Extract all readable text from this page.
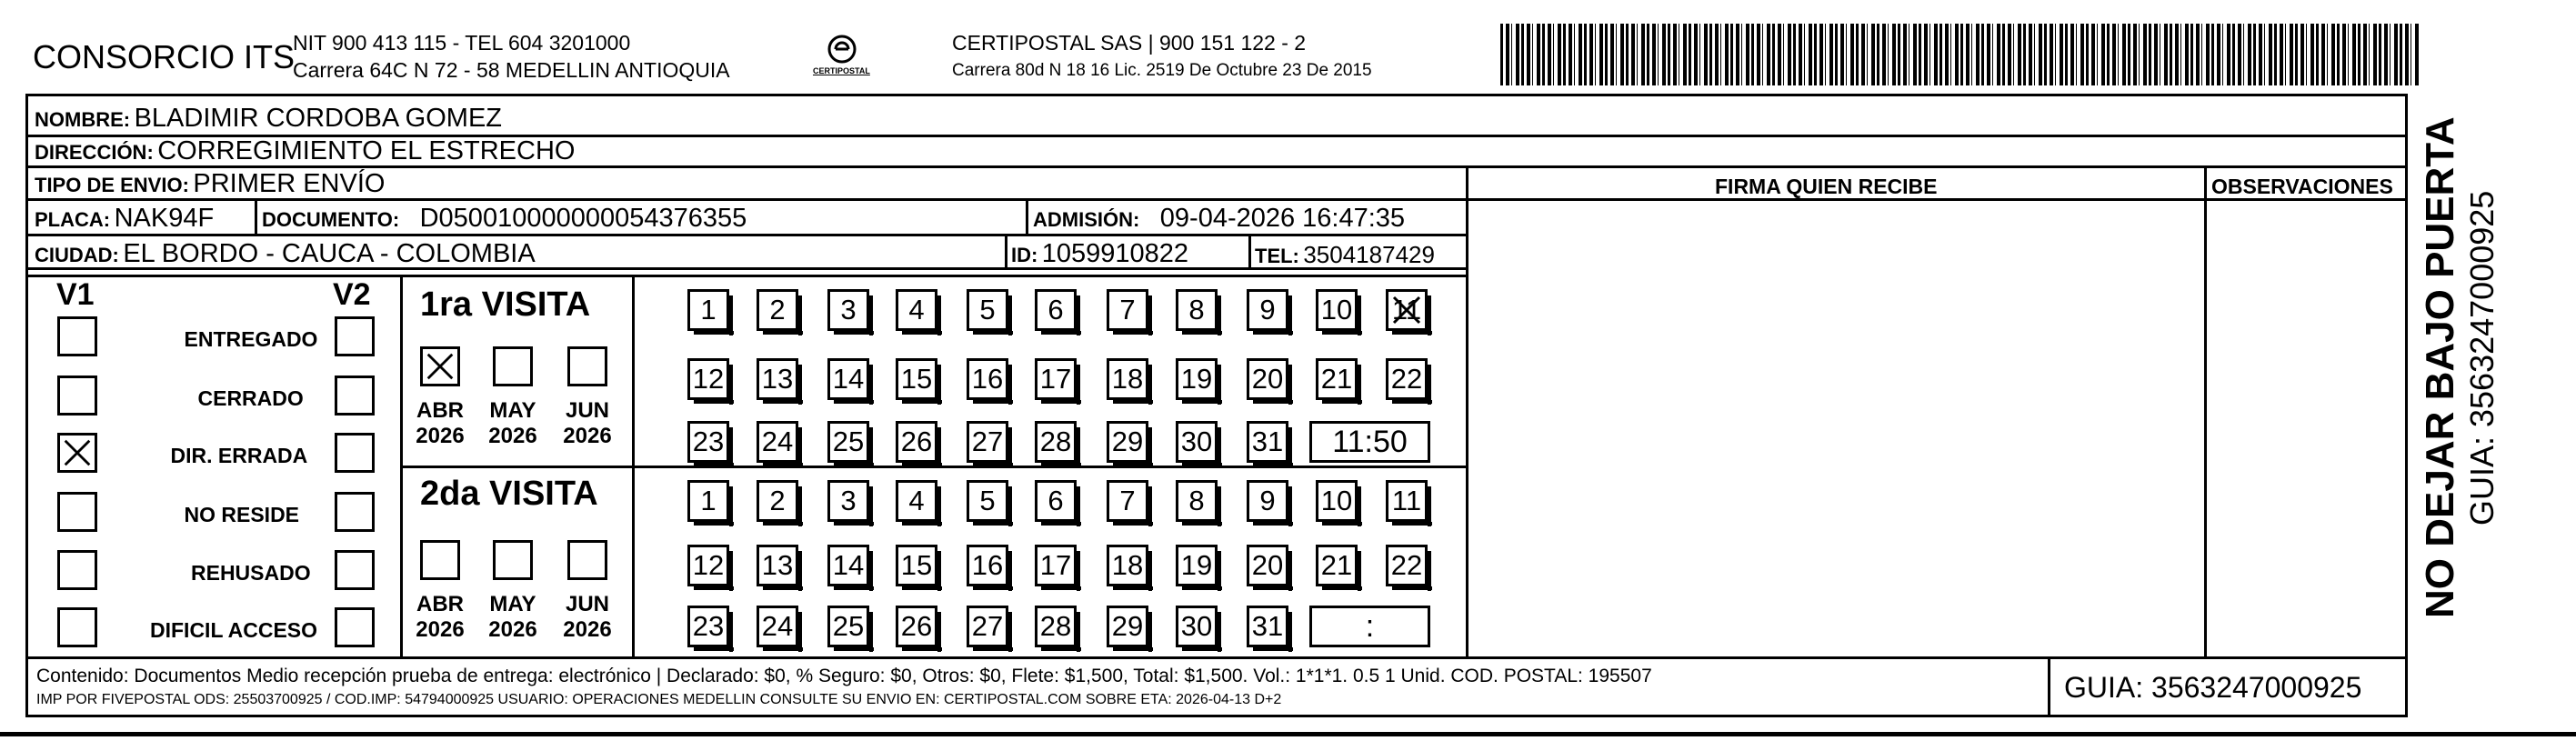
CONSORCIO ITS
NIT 900 413 115 - TEL 604 3201000
Carrera 64C N 72 - 58 MEDELLIN ANTIOQUIA	CERTIPOSTAL
CERTIPOSTAL SAS | 900 151 122 - 2
Carrera 80d N 18 16 Lic. 2519 De Octubre 23 De 2015
NOMBRE: BLADIMIR CORDOBA GOMEZ
DIRECCIÓN: CORREGIMIENTO EL ESTRECHO
TIPO DE ENVIO: PRIMER ENVÍO	FIRMA QUIEN RECIBE	OBSERVACIONES
PLACA: NAK94F DOCUMENTO: D050010000000054376355	ADMISIÓN: 09-04-2026 16:47:35
CIUDAD: EL BORDO - CAUCA - COLOMBIA	ID: 1059910822	TEL: 3504187429
V1	V2
ENTREGADO
CERRADO
DIR. ERRADA
NO RESIDE
REHUSADO
DIFICIL ACCESO
1ra VISITA
2da VISITA
ABR
2026
MAY
2026
JUN
2026
1	2	3	4	5	6	7	8	9	10 11
12 13 14 15 16 17 18 19 20 21 22
23 24 25 26 27 28 29 30 31	11:50
ABR
2026
MAY
2026
JUN
2026
1	2	3	4	5	6	7	8	9	10 11
12 13 14 15 16 17 18 19 20 21 22
23 24 25 26 27 28 29 30 31	:
Contenido: Documentos Medio recepción prueba de entrega: electrónico | Declarado: $0, % Seguro: $0, Otros: $0, Flete: $1,500, Total: $1,500. Vol.: 1*1*1. 0.5 1 Unid. COD. POSTAL: 195507
IMP POR FIVEPOSTAL ODS: 25503700925 / COD.IMP: 54794000925 USUARIO: OPERACIONES MEDELLIN CONSULTE SU ENVIO EN: CERTIPOSTAL.COM SOBRE ETA: 2026-04-13 D+2	GUIA: 3563247000925
NO DEJAR BAJO PUERTA GUIA: 3563247000925
